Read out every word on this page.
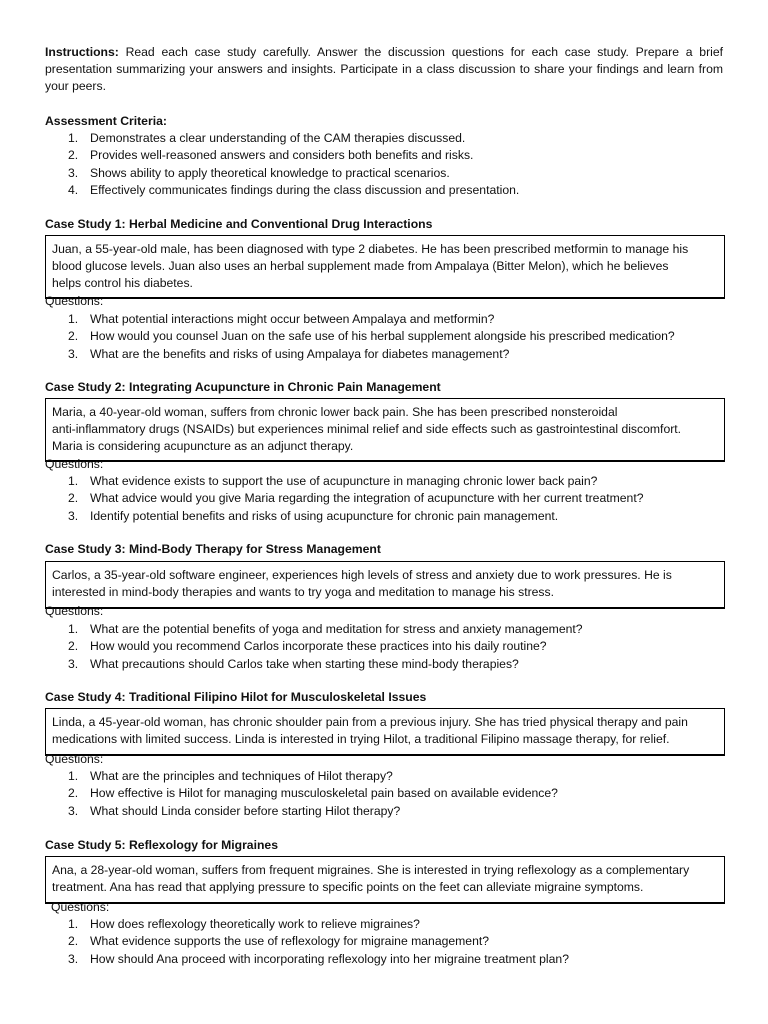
Instructions: Read each case study carefully. Answer the discussion questions for each case study. Prepare a brief presentation summarizing your answers and insights. Participate in a class discussion to share your findings and learn from your peers.

Assessment Criteria:

1. Demonstrates a clear understanding of the CAM therapies discussed.
2. Provides well-reasoned answers and considers both benefits and risks.
3. Shows ability to apply theoretical knowledge to practical scenarios.
4. Effectively communicates findings during the class discussion and presentation.

Case Study 1: Herbal Medicine and Conventional Drug Interactions

Juan, a 55-year-old male, has been diagnosed with type 2 diabetes. He has been prescribed metformin to manage his

blood glucose levels. Juan also uses an herbal supplement made from Ampalaya (Bitter Melon), which he believes

helps control his diabetes.

Questions:

1. What potential interactions might occur between Ampalaya and metformin?
2. How would you counsel Juan on the safe use of his herbal supplement alongside his prescribed medication?
3. What are the benefits and risks of using Ampalaya for diabetes management?

Case Study 2: Integrating Acupuncture in Chronic Pain Management

Maria, a 40-year-old woman, suffers from chronic lower back pain. She has been prescribed nonsteroidal

anti-inflammatory drugs (NSAIDs) but experiences minimal relief and side effects such as gastrointestinal discomfort.

Maria is considering acupuncture as an adjunct therapy.

Questions:

1. What evidence exists to support the use of acupuncture in managing chronic lower back pain?
2. What advice would you give Maria regarding the integration of acupuncture with her current treatment?
3. Identify potential benefits and risks of using acupuncture for chronic pain management.

Case Study 3: Mind-Body Therapy for Stress Management

Carlos, a 35-year-old software engineer, experiences high levels of stress and anxiety due to work pressures. He is

interested in mind-body therapies and wants to try yoga and meditation to manage his stress.

Questions:

1. What are the potential benefits of yoga and meditation for stress and anxiety management?
2. How would you recommend Carlos incorporate these practices into his daily routine?
3. What precautions should Carlos take when starting these mind-body therapies?

Case Study 4: Traditional Filipino Hilot for Musculoskeletal Issues

Linda, a 45-year-old woman, has chronic shoulder pain from a previous injury. She has tried physical therapy and pain

medications with limited success. Linda is interested in trying Hilot, a traditional Filipino massage therapy, for relief.

Questions:

1. What are the principles and techniques of Hilot therapy?
2. How effective is Hilot for managing musculoskeletal pain based on available evidence?
3. What should Linda consider before starting Hilot therapy?

Case Study 5: Reflexology for Migraines

Ana, a 28-year-old woman, suffers from frequent migraines. She is interested in trying reflexology as a complementary

treatment. Ana has read that applying pressure to specific points on the feet can alleviate migraine symptoms.

Questions:

1. How does reflexology theoretically work to relieve migraines?
2. What evidence supports the use of reflexology for migraine management?
3. How should Ana proceed with incorporating reflexology into her migraine treatment plan?
